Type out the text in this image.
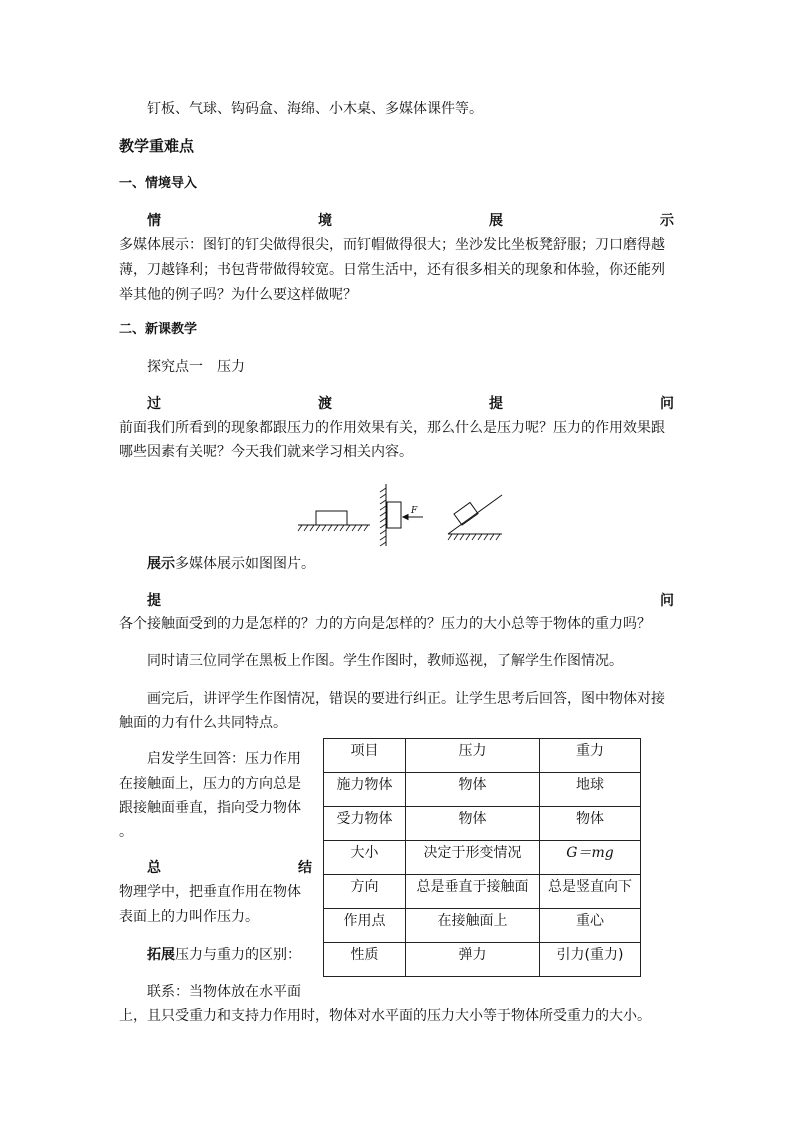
钉板、气球、钩码盒、海绵、小木桌、多媒体课件等。
教学重难点
一、情境导入
情	境	展	示
多媒体展示：图钉的钉尖做得很尖，而钉帽做得很大；坐沙发比坐板凳舒服；刀口磨得越
薄，刀越锋利；书包背带做得较宽。日常生活中，还有很多相关的现象和体验，你还能列
举其他的例子吗？为什么要这样做呢？
二、新课教学
探究点一　压力
过	渡	提	问
前面我们所看到的现象都跟压力的作用效果有关，那么什么是压力呢？压力的作用效果跟
哪些因素有关呢？今天我们就来学习相关内容。
F
展示多媒体展示如图图片。
提	问
各个接触面受到的力是怎样的？力的方向是怎样的？压力的大小总等于物体的重力吗？
同时请三位同学在黑板上作图。学生作图时，教师巡视，了解学生作图情况。
画完后，讲评学生作图情况，错误的要进行纠正。让学生思考后回答，图中物体对接
触面的力有什么共同特点。
启发学生回答：压力作用
在接触面上，压力的方向总是
跟接触面垂直，指向受力物体
。
总	结
物理学中，把垂直作用在物体
表面上的力叫作压力。
拓展压力与重力的区别：
联系：当物体放在水平面
上，且只受重力和支持力作用时，物体对水平面的压力大小等于物体所受重力的大小。
项目	压力	重力
施力物体	物体	地球
受力物体	物体	物体
大小	决定于形变情况	G＝mg
方向	总是垂直于接触面	总是竖直向下
作用点	在接触面上	重心
性质	弹力	引力(重力)
